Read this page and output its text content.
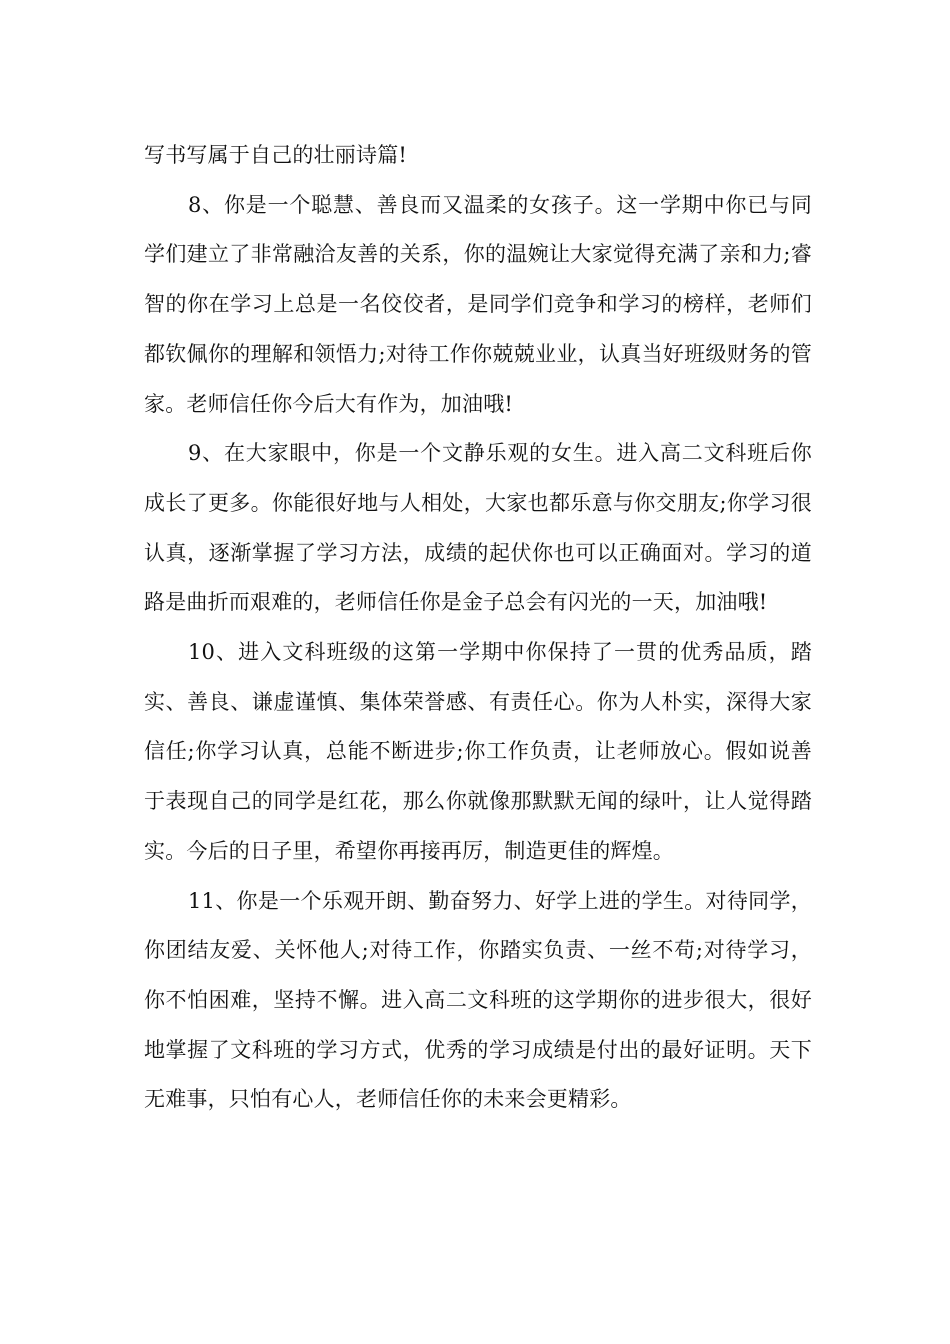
写书写属于自己的壮丽诗篇!

8、你是一个聪慧、善良而又温柔的女孩子。这一学期中你已与同学们建立了非常融洽友善的关系，你的温婉让大家觉得充满了亲和力;睿智的你在学习上总是一名佼佼者，是同学们竞争和学习的榜样，老师们都钦佩你的理解和领悟力;对待工作你兢兢业业，认真当好班级财务的管家。老师信任你今后大有作为，加油哦!

9、在大家眼中，你是一个文静乐观的女生。进入高二文科班后你成长了更多。你能很好地与人相处，大家也都乐意与你交朋友;你学习很认真，逐渐掌握了学习方法，成绩的起伏你也可以正确面对。学习的道路是曲折而艰难的，老师信任你是金子总会有闪光的一天，加油哦!

10、进入文科班级的这第一学期中你保持了一贯的优秀品质，踏实、善良、谦虚谨慎、集体荣誉感、有责任心。你为人朴实，深得大家信任;你学习认真，总能不断进步;你工作负责，让老师放心。假如说善于表现自己的同学是红花，那么你就像那默默无闻的绿叶，让人觉得踏实。今后的日子里，希望你再接再厉，制造更佳的辉煌。

11、你是一个乐观开朗、勤奋努力、好学上进的学生。对待同学，你团结友爱、关怀他人;对待工作，你踏实负责、一丝不苟;对待学习，你不怕困难，坚持不懈。进入高二文科班的这学期你的进步很大，很好地掌握了文科班的学习方式，优秀的学习成绩是付出的最好证明。天下无难事，只怕有心人，老师信任你的未来会更精彩。
